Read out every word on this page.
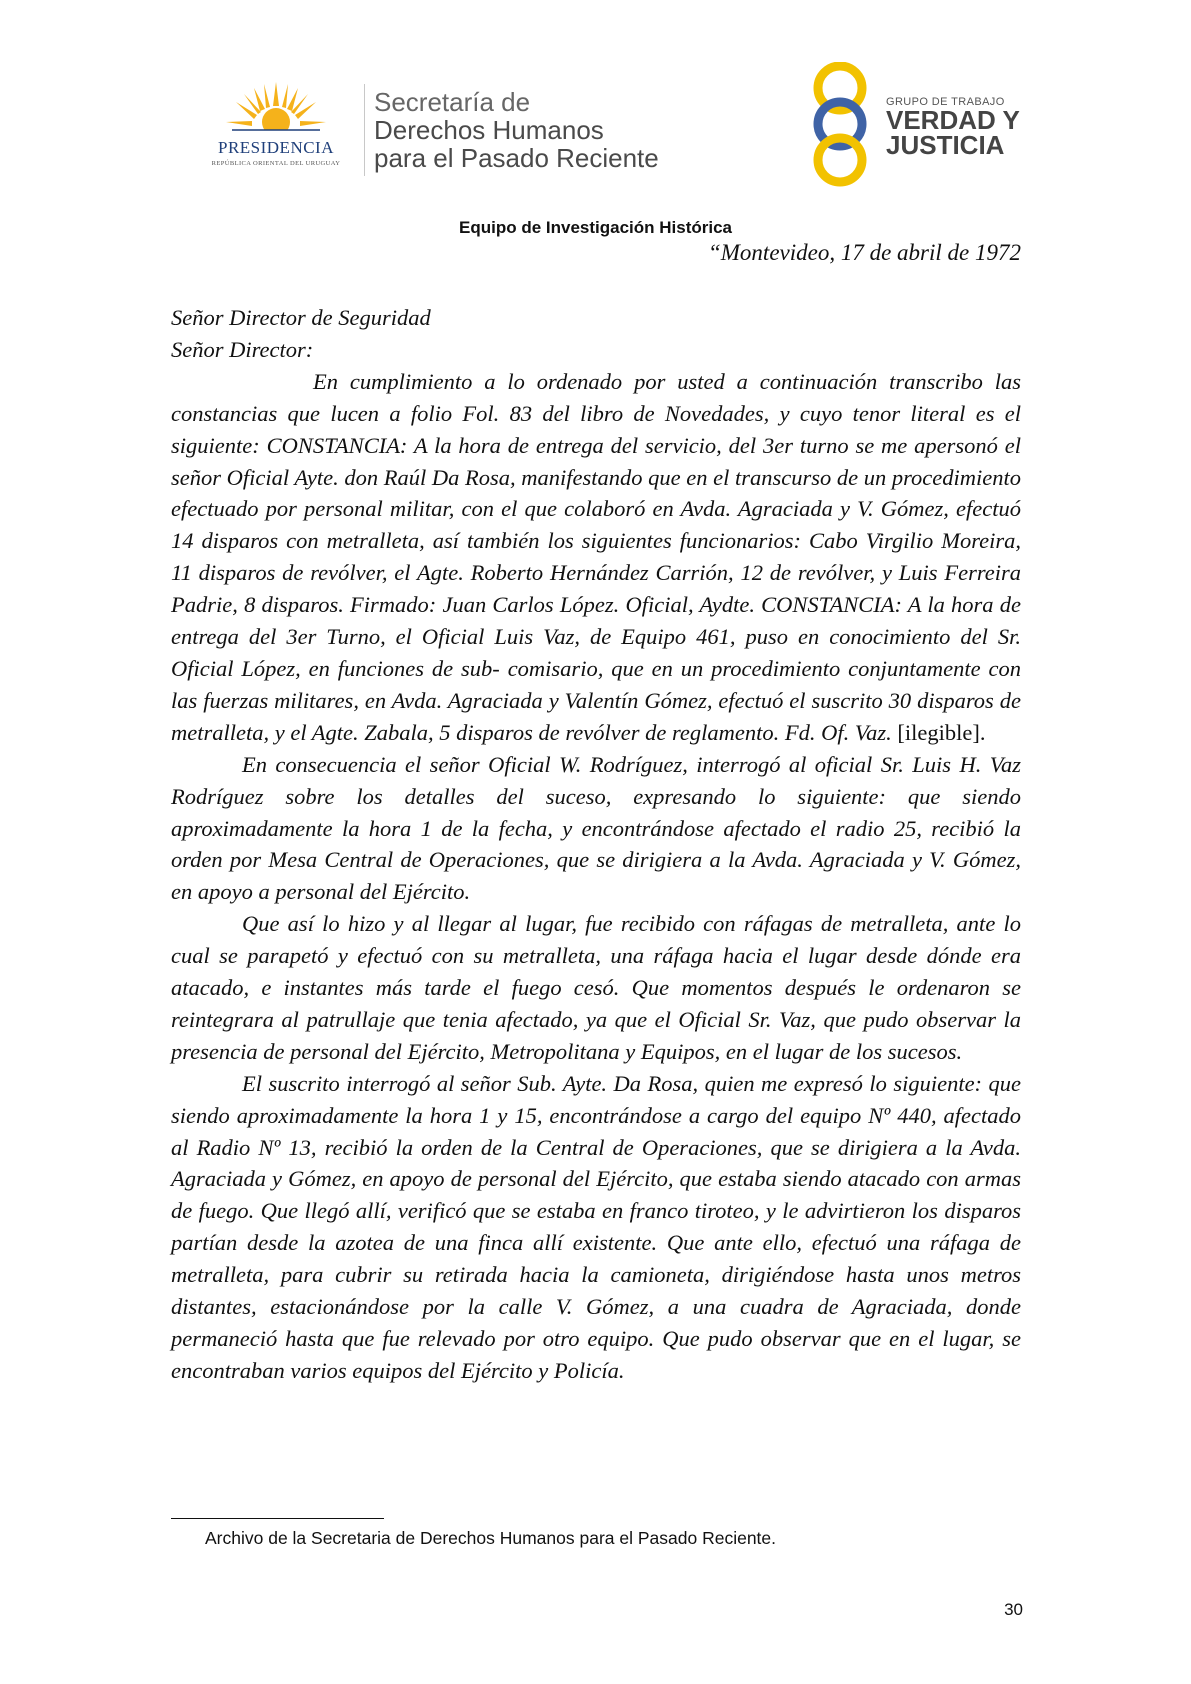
PRESIDENCIA
REPÚBLICA ORIENTAL DEL URUGUAY
Secretaría de
Derechos Humanos
para el Pasado Reciente
GRUPO DE TRABAJO
VERDAD Y
JUSTICIA
Equipo de Investigación Histórica
“Montevideo, 17 de abril de 1972

Señor Director de Seguridad

Señor Director:

En cumplimiento a lo ordenado por usted a continuación transcribo las constancias que lucen a folio Fol. 83 del libro de Novedades, y cuyo tenor literal es el siguiente: CONSTANCIA: A la hora de entrega del servicio, del 3er turno se me apersonó el señor Oficial Ayte. don Raúl Da Rosa, manifestando que en el transcurso de un procedimiento efectuado por personal militar, con el que colaboró en Avda. Agraciada y V. Gómez, efectuó 14 disparos con metralleta, así también los siguientes funcionarios: Cabo Virgilio Moreira, 11 disparos de revólver, el Agte. Roberto Hernández Carrión, 12 de revólver, y Luis Ferreira Padrie, 8 disparos. Firmado: Juan Carlos López. Oficial, Aydte. CONSTANCIA: A la hora de entrega del 3er Turno, el Oficial Luis Vaz, de Equipo 461, puso en conocimiento del Sr. Oficial López, en funciones de sub- comisario, que en un procedimiento conjuntamente con las fuerzas militares, en Avda. Agraciada y Valentín Gómez, efectuó el suscrito 30 disparos de metralleta, y el Agte. Zabala, 5 disparos de revólver de reglamento. Fd. Of. Vaz. [ilegible].

En consecuencia el señor Oficial W. Rodríguez, interrogó al oficial Sr. Luis H. Vaz Rodríguez sobre los detalles del suceso, expresando lo siguiente: que siendo aproximadamente la hora 1 de la fecha, y encontrándose afectado el radio 25, recibió la orden por Mesa Central de Operaciones, que se dirigiera a la Avda. Agraciada y V. Gómez, en apoyo a personal del Ejército.

Que así lo hizo y al llegar al lugar, fue recibido con ráfagas de metralleta, ante lo cual se parapetó y efectuó con su metralleta, una ráfaga hacia el lugar desde dónde era atacado, e instantes más tarde el fuego cesó. Que momentos después le ordenaron se reintegrara al patrullaje que tenia afectado, ya que el Oficial Sr. Vaz, que pudo observar la presencia de personal del Ejército, Metropolitana y Equipos, en el lugar de los sucesos.

El suscrito interrogó al señor Sub. Ayte. Da Rosa, quien me expresó lo siguiente: que siendo aproximadamente la hora 1 y 15, encontrándose a cargo del equipo Nº 440, afectado al Radio Nº 13, recibió la orden de la Central de Operaciones, que se dirigiera a la Avda. Agraciada y Gómez, en apoyo de personal del Ejército, que estaba siendo atacado con armas de fuego. Que llegó allí, verificó que se estaba en franco tiroteo, y le advirtieron los disparos partían desde la azotea de una finca allí existente. Que ante ello, efectuó una ráfaga de metralleta, para cubrir su retirada hacia la camioneta, dirigiéndose hasta unos metros distantes, estacionándose por la calle V. Gómez, a una cuadra de Agraciada, donde permaneció hasta que fue relevado por otro equipo. Que pudo observar que en el lugar, se encontraban varios equipos del Ejército y Policía.

Archivo de la Secretaria de Derechos Humanos para el Pasado Reciente.
30
